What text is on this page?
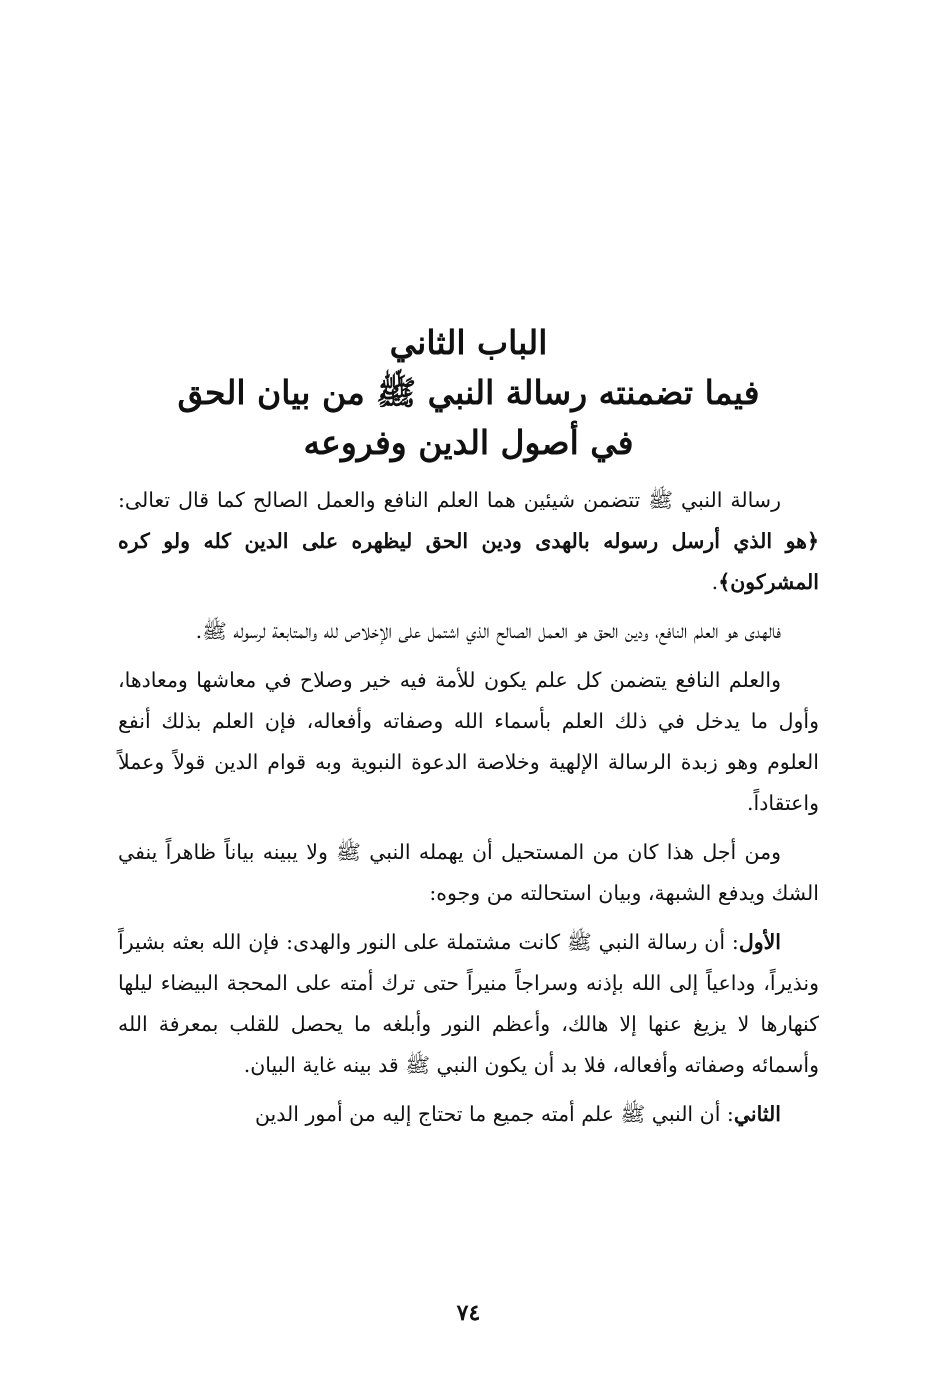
الباب الثاني
فيما تضمنته رسالة النبي ﷺ من بيان الحق
في أصول الدين وفروعه

رسالة النبي ﷺ تتضمن شيئين هما العلم النافع والعمل الصالح كما قال تعالى: ﴿هو الذي أرسل رسوله بالهدى ودين الحق ليظهره على الدين كله ولو كره المشركون﴾.

فالهدى هو العلم النافع، ودين الحق هو العمل الصالح الذي اشتمل على الإخلاص لله والمتابعة لرسوله ﷺ.

والعلم النافع يتضمن كل علم يكون للأمة فيه خير وصلاح في معاشها ومعادها، وأول ما يدخل في ذلك العلم بأسماء الله وصفاته وأفعاله، فإن العلم بذلك أنفع العلوم وهو زبدة الرسالة الإلهية وخلاصة الدعوة النبوية وبه قوام الدين قولاً وعملاً واعتقاداً.

ومن أجل هذا كان من المستحيل أن يهمله النبي ﷺ ولا يبينه بياناً ظاهراً ينفي الشك ويدفع الشبهة، وبيان استحالته من وجوه:

الأول: أن رسالة النبي ﷺ كانت مشتملة على النور والهدى: فإن الله بعثه بشيراً ونذيراً، وداعياً إلى الله بإذنه وسراجاً منيراً حتى ترك أمته على المحجة البيضاء ليلها كنهارها لا يزيغ عنها إلا هالك، وأعظم النور وأبلغه ما يحصل للقلب بمعرفة الله وأسمائه وصفاته وأفعاله، فلا بد أن يكون النبي ﷺ قد بينه غاية البيان.

الثاني: أن النبي ﷺ علم أمته جميع ما تحتاج إليه من أمور الدين

٧٤
